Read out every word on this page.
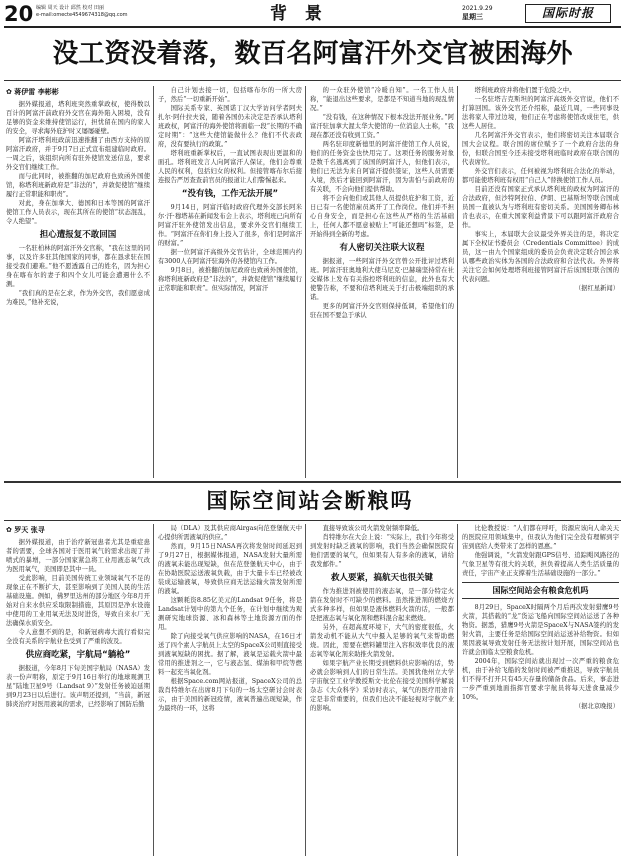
20 编辑 周天 设计 邱然 校对 田丽
e-mail:omecte4549674318@qq.com	背 景	2021.9.29
星期三	国际时报
没工资没着落，数百名阿富汗外交官被困海外
✿ 蒋伊雷 李彬彬

据外媒报道，塔利班突然重掌政权，使得数以百计的阿富汗前政府外交官在海外陷入困境，没有足够的资金来维持使馆运行，担忧留在国内的家人的安全，寻求海外庇护时又屡屡碰壁。

阿富汗塔利班政前迅速推翻了由西方支持的原阿富汗政府，并于9月7日正式宣布组建临时政府。一周之后，该组织向所有驻外使馆发送信息，要求外交官们继续工作。

而与此同时，被推翻的加尼政府也致函外国使馆，称塔利班新政府是“非法的”，并敦促使馆“继续履行正常职能和职责”。

对此，身在加拿大、德国和日本等国的阿富汗使馆工作人员表示，现在其所在的使馆“状态混乱，令人绝望”。

担心遭报复不敢回国

一名驻柏林的阿富汗外交官称，“我在这里的同事，以及许多驻其他国家的同事，都在恳求驻在国接受我们避难。”他不愿透露自己的姓名，因为担心身在喀布尔的妻子和四个女儿可能会遭遇什么不测。

“我们真的是在乞求，作为外交官，我们愿意成为难民，”他补充说，

自己计划去接一切，包括喀布尔的一所大房子，然后“一切重新开始”。

国际关系专家、英国诺丁汉大学访问学者阿夫扎尔·阿什拉夫说，随着各国仍未决定是否承认塔利班政权，阿富汗的海外使馆将面临一段“长期的不确定时期”：“这些大使馆能做什么？他们不代表政府，没有要执行的政策。”

塔利班重新掌权后，一直试图表现出更温和的面孔。塔利班发言人向阿富汗人保证，他们会尊重人民的权利，包括妇女的权利。但接管喀布尔后接连报告严厉查查前官员的报道让人们警惕起来。

“没有钱，工作无法开展”

9月14日，阿富汗临时政府代理外交部长阿米尔·汗·穆塔基在新闻发布会上表示，塔利班已向所有阿富汗驻外使馆发出信息，要求外交官们继续工作。“阿富汗在你们身上投入了很多，你们是阿富汗的财富。”

据一位阿富汗高级外交官估计，全球范围内约有3000人在阿富汗驻海外的各使馆内工作。

9月8日，被推翻的加尼政府也致函外国使馆，称塔利班新政府是“非法的”，并敦促使馆“继续履行正常职能和职责”。但实际情况，阿富汗

的一众驻外使馆“冷暖自知”。一名工作人员称，“能退出这些要求，是都是不知道当地的现乱情况。”

“没有钱，在这种情况下根本没法开展业务。”阿富汗驻加拿大渥太华大使馆的一位消息人士称，“我现在都还没有收到工资。”

两名驻印度新德里的阿富汗使馆工作人员说，他们的任务资金也快用完了。这项任务的服务对象是数千名逃离到了该国的阿富汗人，但他们表示，他们已无法为来自阿富汗提供签证，这些人员需要入境，然后才能回到阿富汗，因为害怕与前政府的有关联，不会向他们提供帮助。

将不会向他们或其他人员提供庇护和工资，近日已有一名使馆雇员离开了工作岗位。他们并不担心自身安全，而是担心在这些从严格的生活基础上，任何人都不愿意被贴上“可能还想吗”标签，是开始得到全新的考虑。

有人密切关注联大议程

据报道，一些阿富汗外交官曾公开批评过塔利班。阿富汗驻奥地利大使马尼克·巴赫瑞坚持常在社交媒体上发布有关指控塔利班的信息，此外也有大使警告称，不要和信塔利班关于打击极端组织的承诺。

更多的阿富汗外交官则保持低调，希望他们的驻在国不要急于承认

塔利班政府并将他们置于危险之中。

一名驻塔吉克斯坦的阿富汗高级外交官说，他们不打算回国。该外交官还介绍称，最近几周，一些同事设法将家人带过边境，他们正在考虑将使馆改成住宅，供这些人居住。

几名阿富汗外交官表示，他们将密切关注本届联合国大会议程。联合国的席位赋予了一个政府合法的身份，但联合国至今还未接受塔利班临时政府在联合国的代表席位。

外交官们表示，任何被视为塔利班合法化的举动，都可能使塔利班有权用“自己人”替换使馆工作人员。

目前还没有国家正式承认塔利班的政权为阿富汗的合法政府，但沙特阿拉伯、伊朗、巴基斯坦等联合国成员国一直被认为与塔利班有密切关系。美国国务卿布林肯也表示，在重大国家利益背景下可以跟阿富汗政府合作。

事实上，本届联大会议最受外界关注的是，将决定属下全权证书委员会（Credentials Committee）的成员，这一由九个国家组成的委员会负责决定联合国会承认哪些政治实体为各国的合法政府和合法代表。外界将关注它会如何处理塔利班接管阿富汗后该国驻联合国的代表问题。

（据红星新闻）
国际空间站会断粮吗
✿ 罗天 张寻

据外媒报道，由于治疗新冠患者尤其是重症患者的需要，全球各国对于医用氧气的需求出现了井喷式的暴增，一部分国家紧急将工业用液态氧气改为医用氧气，美国即是其中一员。

受此影响，目前美国传统工业领域氧气不足的现象正在不断扩大，甚至影响到了美国人民的生活基础设施。例如，佛罗里达州的部分地区今年8月开始对自来水供应采取限制措施，其原因是净水设施中使用的工业用氧无法及时进货，导致自来水厂无法确保水质安全。

令人意想不到的是，和新冠病毒大流行看似完全没有关系的宇航业也受到了严重的波及。

供应商吃紧，宇航局“躺枪”

据报道，今年8月下旬美国宇航局（NASA）发表一份声明称，原定于9月16日举行的地球观测卫星“陆地卫星9号（Landsat 9）”发射任务被迫延期到9月23日以后进行。该声明还提到，“当前，新冠肺炎治疗对医用液氧的需求，已经影响了国防后勤

局（DLA）及其供应商Airgas向范登堡航天中心提供所需液氧的供应。”

然而，9月15日NASA再次将发射时间延迟到了9月27日，根据媒体报道，NASA发射大量所需的液氧未能出现短缺，但在范登堡航天中心，由于在协助医院运送液氧负载，由于大量卡车已经被改装成运输液氧，导致供应商无法运输火箭发射所需的液氧。

这颗耗资8.85亿美元的Landsat 9任务，将是Landsat计划中的第九个任务，在计划中继续为观测研究地球资源、冰和森林等土地资源方面的作用。

除了向接受氧气供应影响的NASA，在16日才送了四个素人宇航员上太空的SpaceX公司则直接受到液氧短缺的困扰。据了解，液氧是运载火箭中最常用的推进剂之一，它与液态氢、煤油和甲烷等燃料一起充当氧化剂。

根据Space.com网站报道，SpaceX公司的总裁肖特维尔在出席8月下旬的一场太空研讨会时表示，由于美国的新冠疫情，液氧普遍出现短缺，作为最终的一环，这将

直接导致该公司火箭发射频率降低。

肖特维尔在大会上说：“实际上，我们今年将受到发射时缺乏液氧的影响，我们当然会确保医院有他们需要的氧气，但如果有人有多余的液氧，请给我发邮件。”

救人要紧，搞航天也很关键

作为推进剂被使用的液态氧，是一部分特定火箭在发射时不可缺少的燃料。虽然推进剂的燃烧方式多种多样，但如果是液体燃料火箭的话，一般都是把液态氧与氧化剂和燃料混合起来燃烧。

另外，在超高度环境下，大气的密度很低，火箭发动机不能从大气中摄入足够的氧气来帮助燃烧。因此，需要在燃料罐里注入容积效率优良的液态氧等氧化剂来助推火箭发射。

如果宇航产业长期受到燃料供应影响的话，势必就会影响到人们的日常生活。美国犹他州立大学宇宙航空工业学教授斯文·比伦在接受美国科学解说杂志《大众科学》采访时表示，氧气的医疗用途肯定是非常重要的，但我们也决不能轻视对宇航产业的影响。

比伦教授说：“人们都在呼吁，资源应该向人命关天的医院应用领域集中，但我认为他们完全没有理解到宇宙到底给人类带来了怎样的恩惠。”

他强调说，“火箭发射跟GPS信号、追踪飓风路径的气象卫星等有很大的关联，担负着提高人类生活质量的责任，宇宙产业正支撑着生活基础设施的一部分。”

国际空间站会有粮食危机吗

8月29日，SpaceX时隔两个月后再次发射猎鹰9号火箭，其搭载的“龙”货运飞船向国际空间站运送了各种物资。据悉，猎鹰9号火箭是SpaceX与NASA签约的发射火箭，主要任务是给国际空间站运送补给物资。但如果因液氧导致发射任务无法按计划开展，国际空间站也许就会面临太空粮食危机。

2004年，国际空间站就出现过一次严重的粮食危机，由于补给飞船的发射时间被严重推迟，导致宇航员们不得不打开只有45天存量的储备食品。后来，事态进一步严重到地面指挥官要求宇航员将每天进食量减少10%。

（据北京晚报）
